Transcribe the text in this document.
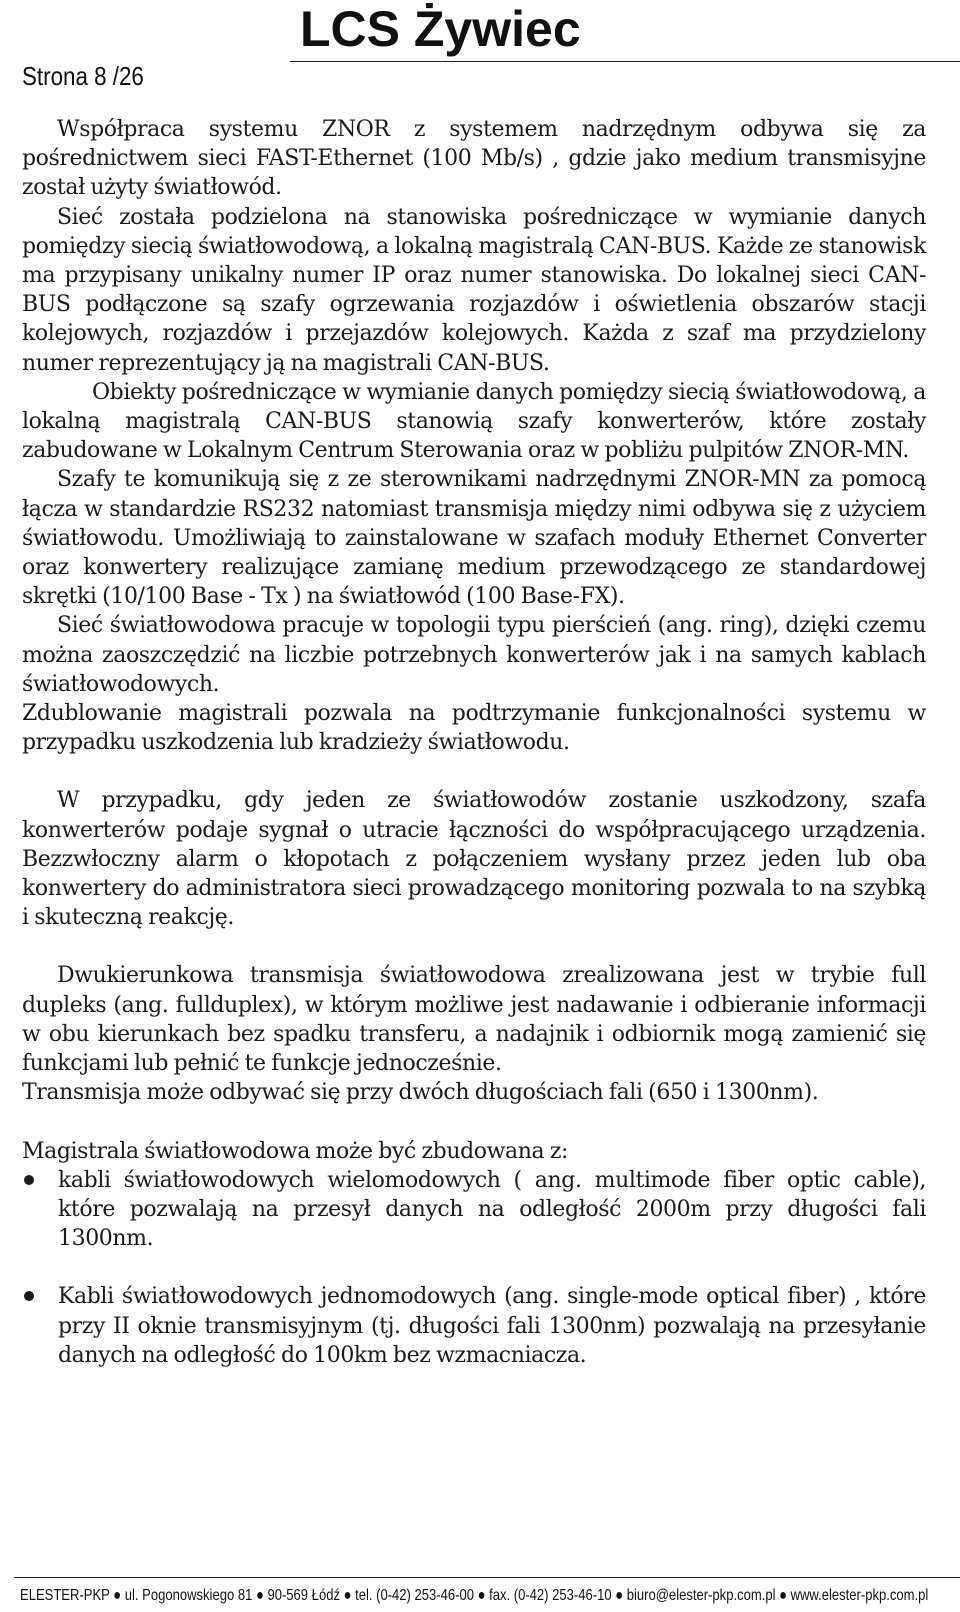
LCS Żywiec
Strona 8 /26

Współpraca systemu ZNOR z systemem nadrzędnym odbywa się za pośrednictwem sieci FAST-Ethernet (100 Mb/s) , gdzie jako medium transmisyjne został użyty światłowód.

Sieć została podzielona na stanowiska pośredniczące w wymianie danych pomiędzy siecią światłowodową, a lokalną magistralą CAN-BUS. Każde ze stanowisk ma przypisany unikalny numer IP oraz numer stanowiska. Do lokalnej sieci CAN-BUS podłączone są szafy ogrzewania rozjazdów i oświetlenia obszarów stacji kolejowych, rozjazdów i przejazdów kolejowych. Każda z szaf ma przydzielony numer reprezentujący ją na magistrali CAN-BUS.

Obiekty pośredniczące w wymianie danych pomiędzy siecią światłowodową, a lokalną magistralą CAN-BUS stanowią szafy konwerterów, które zostały zabudowane w Lokalnym Centrum Sterowania oraz w pobliżu pulpitów ZNOR-MN.

Szafy te komunikują się z ze sterownikami nadrzędnymi ZNOR-MN za pomocą łącza w standardzie RS232 natomiast transmisja między nimi odbywa się z użyciem światłowodu. Umożliwiają to zainstalowane w szafach moduły Ethernet Converter oraz konwertery realizujące zamianę medium przewodzącego ze standardowej skrętki (10/100 Base - Tx ) na światłowód (100 Base-FX).

Sieć światłowodowa pracuje w topologii typu pierścień (ang. ring), dzięki czemu można zaoszczędzić na liczbie potrzebnych konwerterów jak i na samych kablach światłowodowych.

Zdublowanie magistrali pozwala na podtrzymanie funkcjonalności systemu w przypadku uszkodzenia lub kradzieży światłowodu.

W przypadku, gdy jeden ze światłowodów zostanie uszkodzony, szafa konwerterów podaje sygnał o utracie łączności do współpracującego urządzenia. Bezzwłoczny alarm o kłopotach z połączeniem wysłany przez jeden lub oba konwertery do administratora sieci prowadzącego monitoring pozwala to na szybką i skuteczną reakcję.

Dwukierunkowa transmisja światłowodowa zrealizowana jest w trybie full dupleks (ang. fullduplex), w którym możliwe jest nadawanie i odbieranie informacji w obu kierunkach bez spadku transferu, a nadajnik i odbiornik mogą zamienić się funkcjami lub pełnić te funkcje jednocześnie.

Transmisja może odbywać się przy dwóch długościach fali (650 i 1300nm).

Magistrala światłowodowa może być zbudowana z:

kabli światłowodowych wielomodowych ( ang. multimode fiber optic cable), które pozwalają na przesył danych na odległość 2000m przy długości fali 1300nm.
Kabli światłowodowych jednomodowych (ang. single-mode optical fiber) , które przy II oknie transmisyjnym (tj. długości fali 1300nm) pozwalają na przesyłanie danych na odległość do 100km bez wzmacniacza.
ELESTER-PKP ● ul. Pogonowskiego 81 ● 90-569 Łódź ● tel. (0-42) 253-46-00 ● fax. (0-42) 253-46-10 ● biuro@elester-pkp.com.pl ● www.elester-pkp.com.pl
